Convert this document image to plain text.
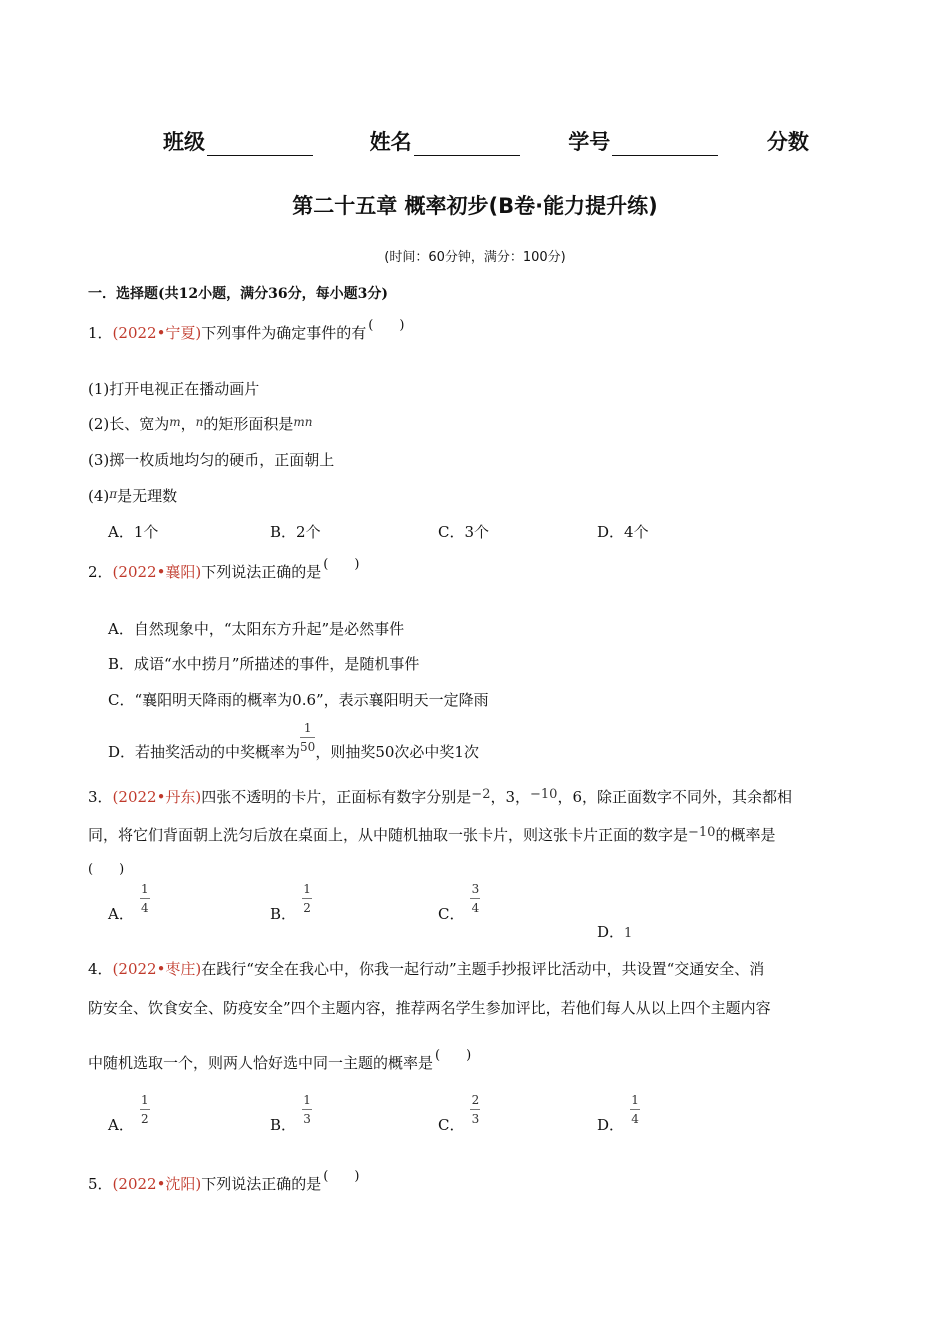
班级	姓名	学号	分数
第二十五章 概率初步(B卷·能力提升练)
(时间：60分钟，满分：100分)
一．选择题(共12小题，满分36分，每小题3分)
1．(2022•宁夏)下列事件为确定事件的有 (　　)
(1)打开电视正在播动画片
(2)长、宽为$^m$，$^n$的矩形面积是$^{mn}$
(3)掷一枚质地均匀的硬币，正面朝上
$(4)^\pi$是无理数
A．1个	B．2个	C．3个	D．4个
2．(2022•襄阳)下列说法正确的是 (　　)
A．自然现象中，“太阳东方升起”是必然事件
B．成语“水中捞月”所描述的事件，是随机事件
C．“襄阳明天降雨的概率为0.6”，表示襄阳明天一定降雨
D．若抽奖活动的中奖概率为 $\frac{1}{50}$ ，则抽奖50次必中奖1次
3．(2022•丹东)四张不透明的卡片，正面标有数字分别是−2，3，−10，6，除正面数字不同外，其余都相
同，将它们背面朝上洗匀后放在桌面上，从中随机抽取一张卡片，则这张卡片正面的数字是−10的概率是
(　　)
A． $\frac{1}{4}$	B． $\frac{1}{2}$	C． $\frac{3}{4}$
D．1
4．(2022•枣庄)在践行“安全在我心中，你我一起行动”主题手抄报评比活动中，共设置“交通安全、消
防安全、饮食安全、防疫安全”四个主题内容，推荐两名学生参加评比，若他们每人从以上四个主题内容
中随机选取一个，则两人恰好选中同一主题的概率是 (　　)
A． $\frac{1}{2}$	B． $\frac{1}{3}$	C． $\frac{2}{3}$	D． $\frac{1}{4}$
5．(2022•沈阳)下列说法正确的是 (　　)
